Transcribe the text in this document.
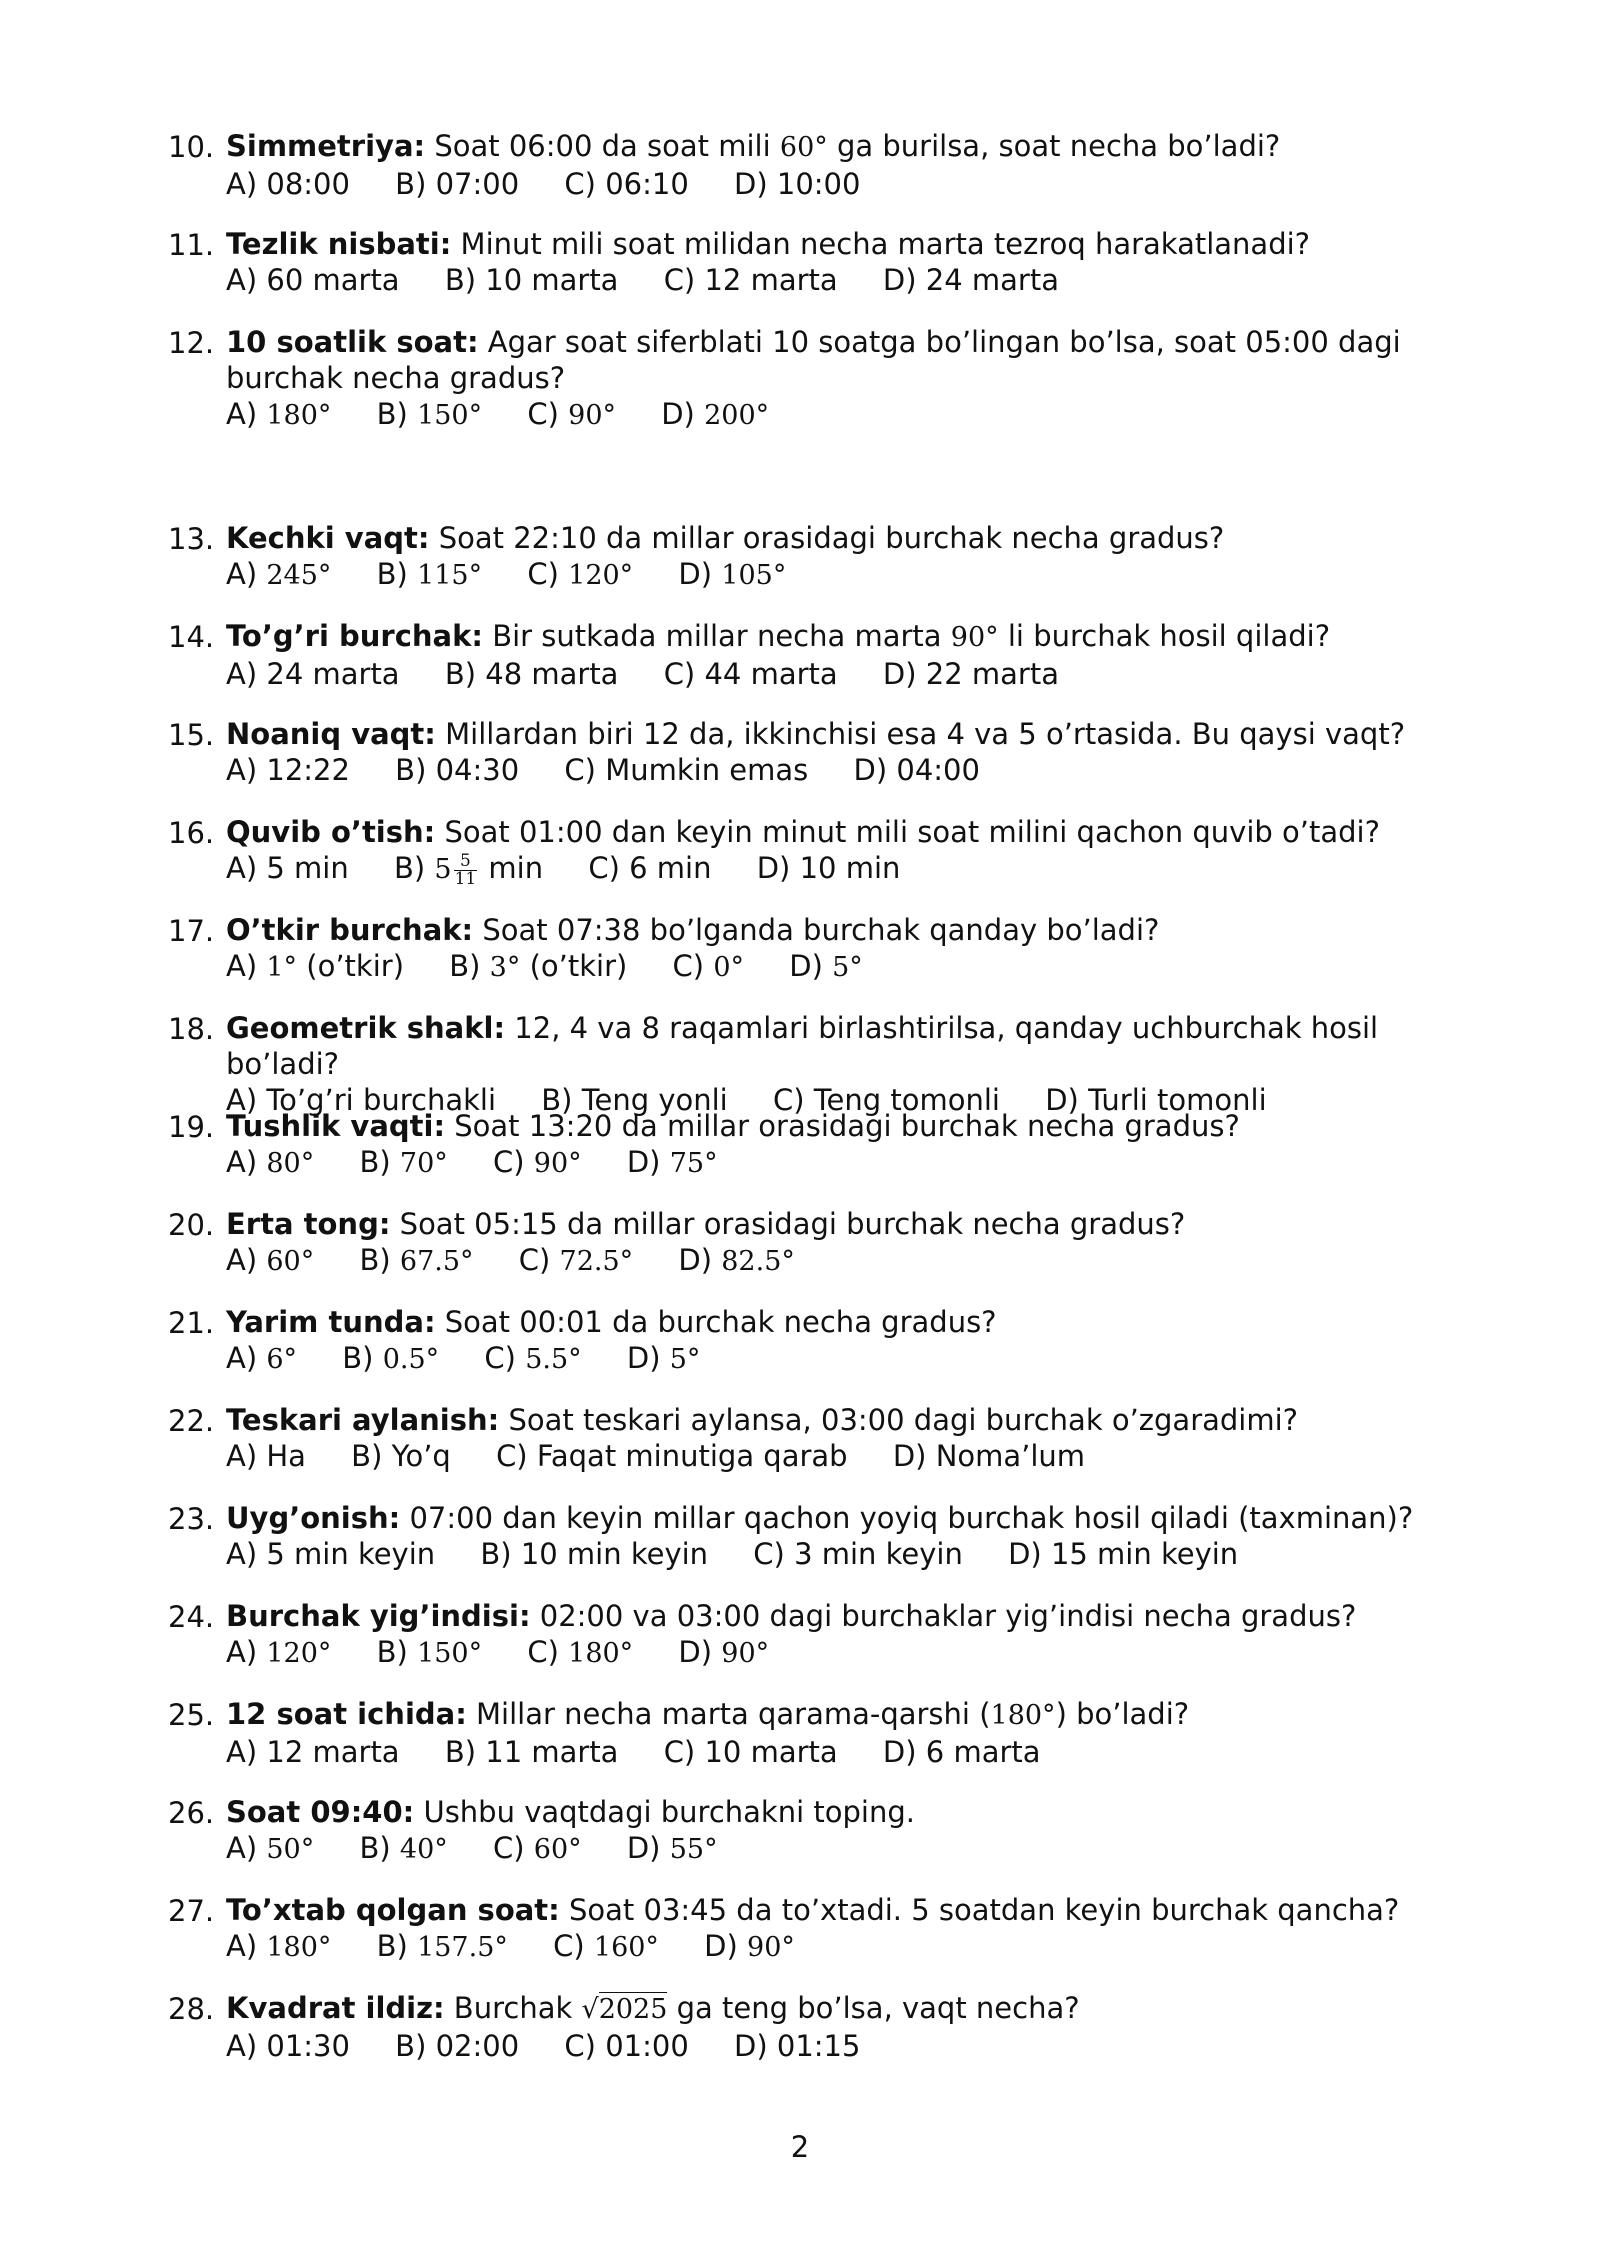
10. Simmetriya: Soat 06:00 da soat mili 60° ga burilsa, soat necha bo’ladi?
A) 08:00 B) 07:00 C) 06:10 D) 10:00
11. Tezlik nisbati: Minut mili soat milidan necha marta tezroq harakatlanadi?
A) 60 marta B) 10 marta C) 12 marta D) 24 marta
12. 10 soatlik soat: Agar soat siferblati 10 soatga bo’lingan bo’lsa, soat 05:00 dagi burchak necha gradus?
A) 180° B) 150° C) 90° D) 200°
13. Kechki vaqt: Soat 22:10 da millar orasidagi burchak necha gradus?
A) 245° B) 115° C) 120° D) 105°
14. To’g’ri burchak: Bir sutkada millar necha marta 90° li burchak hosil qiladi?
A) 24 marta B) 48 marta C) 44 marta D) 22 marta
15. Noaniq vaqt: Millardan biri 12 da, ikkinchisi esa 4 va 5 o’rtasida. Bu qaysi vaqt?
A) 12:22 B) 04:30 C) Mumkin emas D) 04:00
16. Quvib o’tish: Soat 01:00 dan keyin minut mili soat milini qachon quvib o’tadi?
A) 5 min B) $5 \frac{5}{11}$ min C) 6 min D) 10 min
17. O’tkir burchak: Soat 07:38 bo’lganda burchak qanday bo’ladi?
A) 1° (o’tkir) B) 3° (o’tkir) C) 0° D) 5°
18. Geometrik shakl: 12, 4 va 8 raqamlari birlashtirilsa, qanday uchburchak hosil bo’ladi?
A) To’g’ri burchakli B) Teng yonli C) Teng tomonli D) Turli tomonli
19. Tushlik vaqti: Soat 13:20 da millar orasidagi burchak necha gradus?
A) 80° B) 70° C) 90° D) 75°
20. Erta tong: Soat 05:15 da millar orasidagi burchak necha gradus?
A) 60° B) 67.5° C) 72.5° D) 82.5°
21. Yarim tunda: Soat 00:01 da burchak necha gradus?
A) 6° B) 0.5° C) 5.5° D) 5°
22. Teskari aylanish: Soat teskari aylansa, 03:00 dagi burchak o’zgaradimi?
A) Ha B) Yo’q C) Faqat minutiga qarab D) Noma’lum
23. Uyg’onish: 07:00 dan keyin millar qachon yoyiq burchak hosil qiladi (taxminan)?
A) 5 min keyin B) 10 min keyin C) 3 min keyin D) 15 min keyin
24. Burchak yig’indisi: 02:00 va 03:00 dagi burchaklar yig’indisi necha gradus?
A) 120° B) 150° C) 180° D) 90°
25. 12 soat ichida: Millar necha marta qarama-qarshi (180°) bo’ladi?
A) 12 marta B) 11 marta C) 10 marta D) 6 marta
26. Soat 09:40: Ushbu vaqtdagi burchakni toping.
A) 50° B) 40° C) 60° D) 55°
27. To’xtab qolgan soat: Soat 03:45 da to’xtadi. 5 soatdan keyin burchak qancha?
A) 180° B) 157.5° C) 160° D) 90°
28. Kvadrat ildiz: Burchak √2025 ga teng bo’lsa, vaqt necha?
A) 01:30 B) 02:00 C) 01:00 D) 01:15
2
